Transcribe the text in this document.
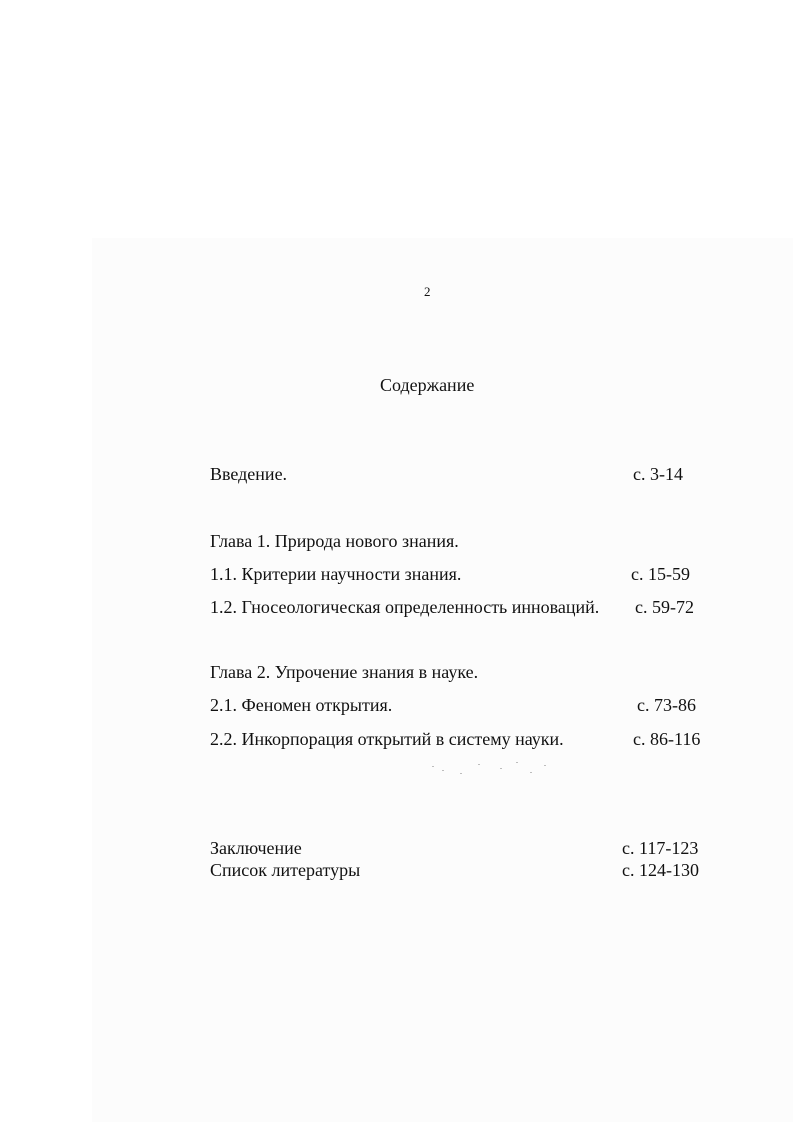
2
Содержание
Введение.	с. 3-14
Глава 1. Природа нового знания.
1.1. Критерии научности знания.	с. 15-59
1.2. Гносеологическая определенность инноваций. с. 59-72
Глава 2. Упрочение знания в науке.
2.1. Феномен открытия.	с. 73-86
2.2. Инкорпорация открытий в систему науки.	с. 86-116
Заключение	с. 117-123
Список литературы	с. 124-130
